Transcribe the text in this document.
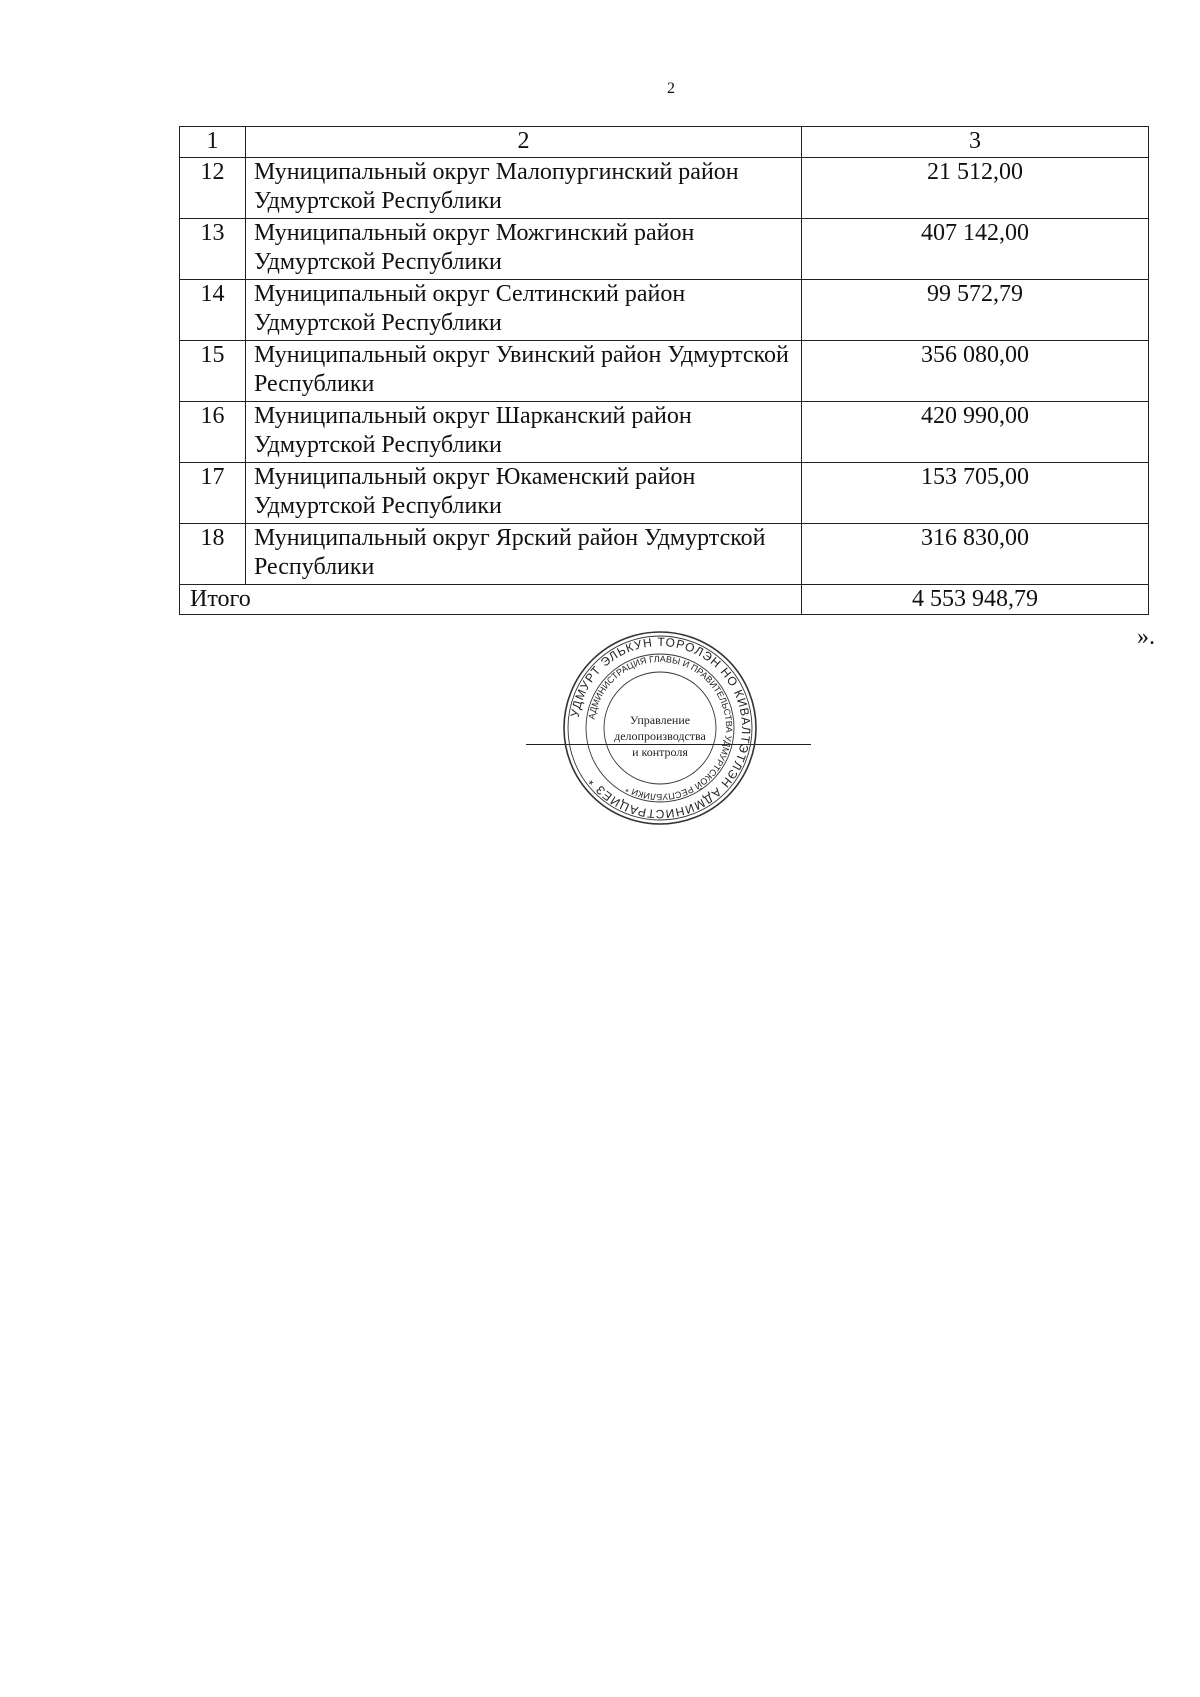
2
1	2	3
12	Муниципальный округ Малопургинский район Удмуртской Республики	21 512,00
13	Муниципальный округ Можгинский район Удмуртской Республики	407 142,00
14	Муниципальный округ Селтинский район Удмуртской Республики	99 572,79
15	Муниципальный округ Увинский район Удмуртской Республики	356 080,00
16	Муниципальный округ Шарканский район Удмуртской Республики	420 990,00
17	Муниципальный округ Юкаменский район Удмуртской Республики	153 705,00
18	Муниципальный округ Ярский район Удмуртской Республики	316 830,00
Итого		4 553 948,79
».
УДМУРТ ЭЛЬКУН ТОРОЛЭН НО КИВАЛТЭТЛЭН АДМИНИСТРАЦИЕЗ *
АДМИНИСТРАЦИЯ ГЛАВЫ И ПРАВИТЕЛЬСТВА УДМУРТСКОЙ РЕСПУБЛИКИ *
Управление
делопроизводства
и контроля
